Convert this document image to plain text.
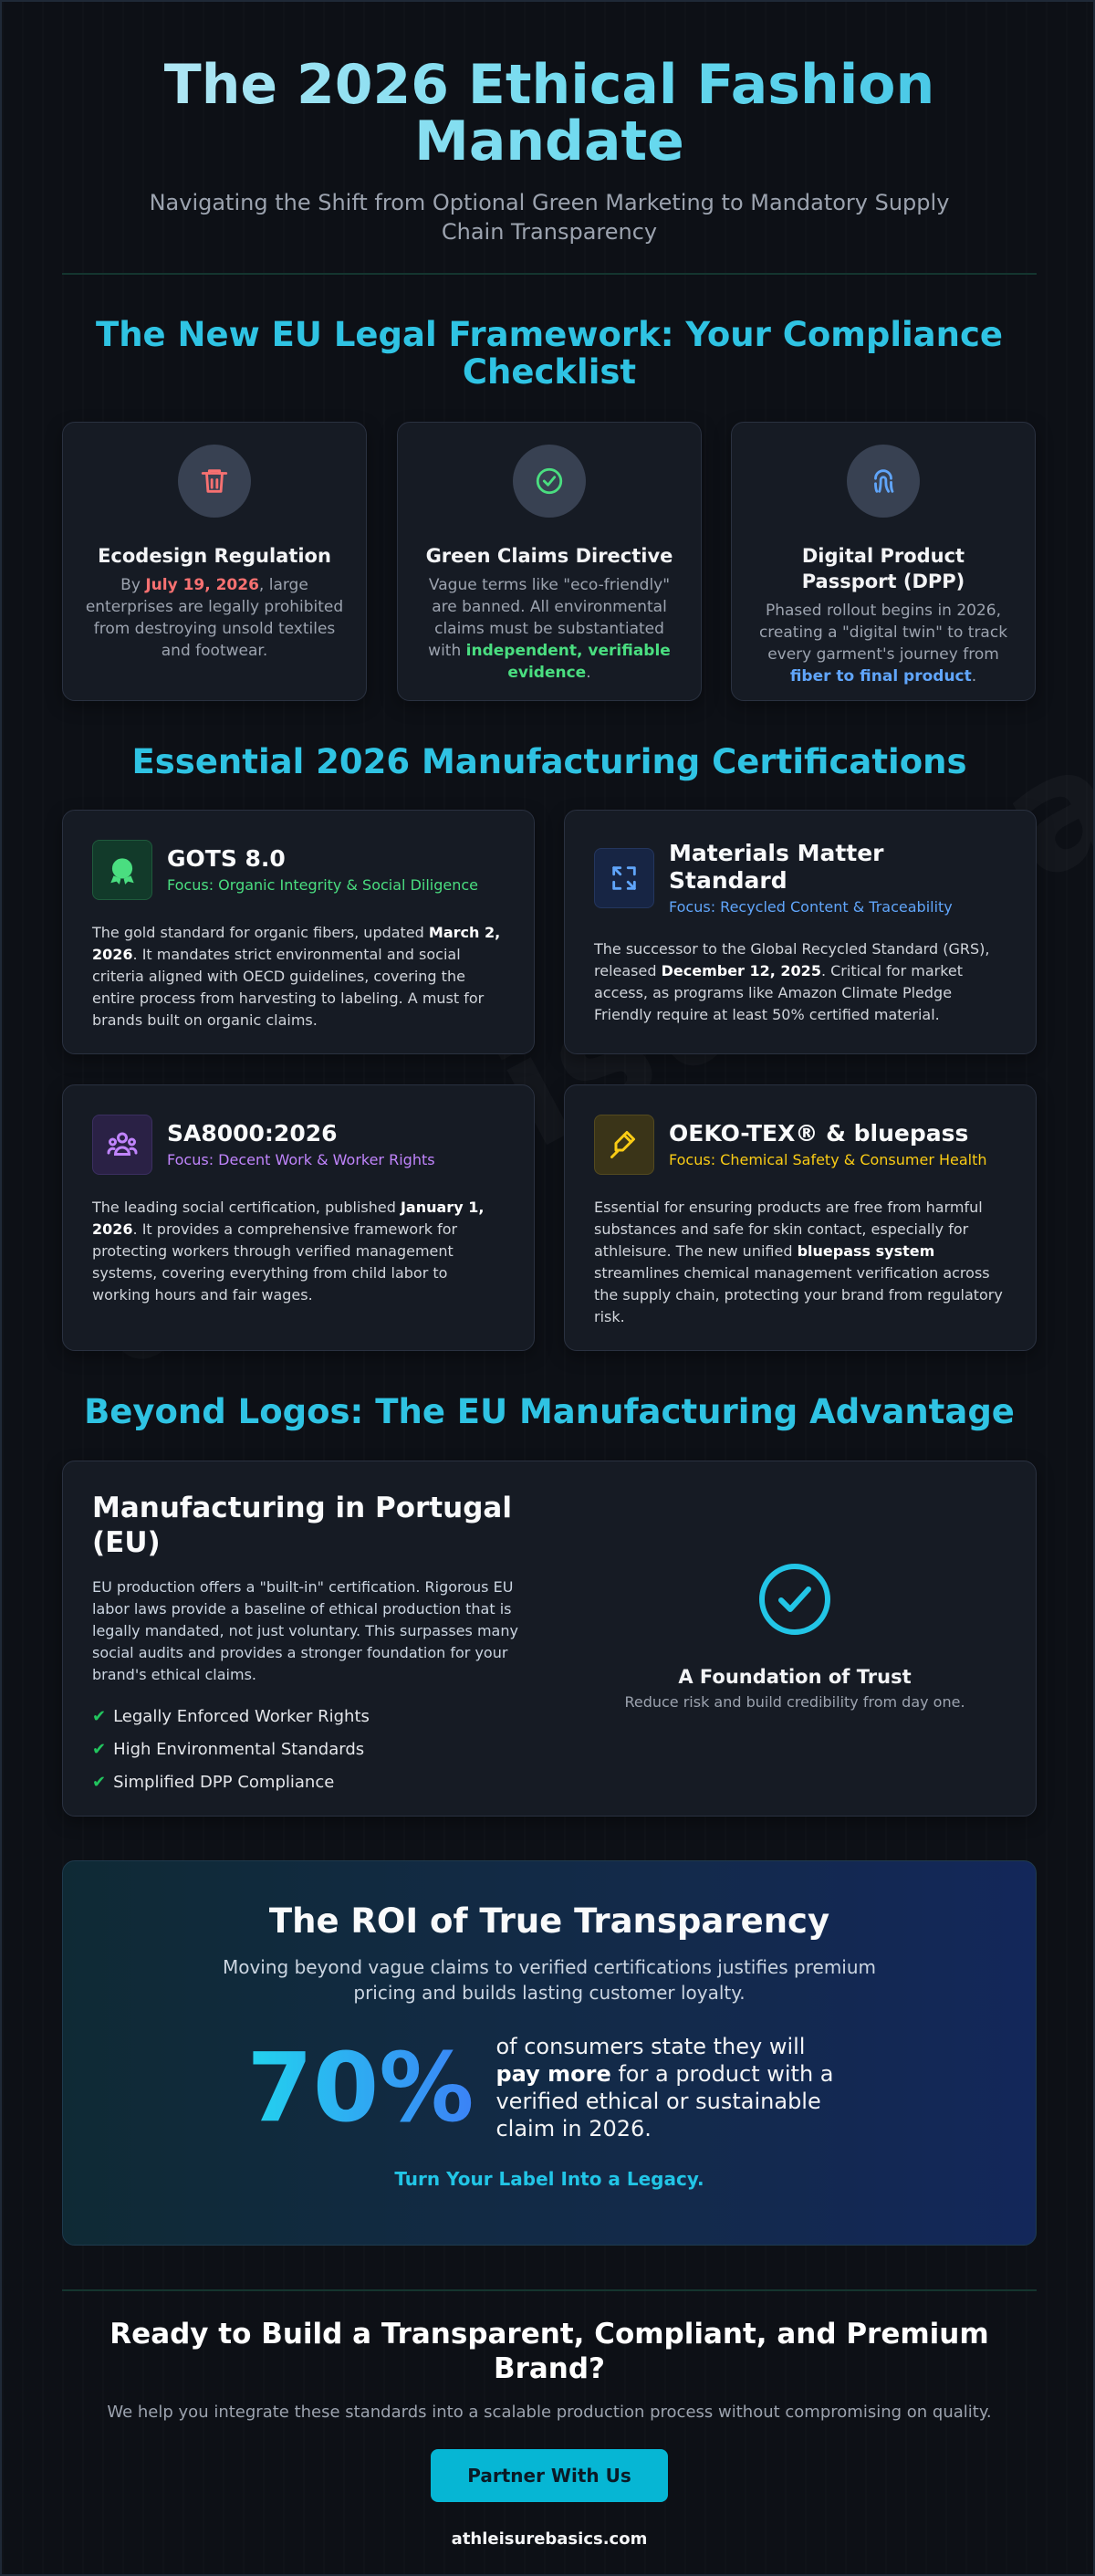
The 2026 Ethical Fashion Mandate

Navigating the Shift from Optional Green Marketing to Mandatory Supply Chain Transparency

The New EU Legal Framework: Your Compliance Checklist
Ecodesign Regulation

By July 19, 2026, large enterprises are legally prohibited from destroying unsold textiles and footwear.

Green Claims Directive

Vague terms like "eco-friendly" are banned. All environmental claims must be substantiated with independent, verifiable evidence.

Digital Product Passport (DPP)

Phased rollout begins in 2026, creating a "digital twin" to track every garment's journey from fiber to final product.

Essential 2026 Manufacturing Certifications
GOTS 8.0
Focus: Organic Integrity & Social Diligence

The gold standard for organic fibers, updated March 2, 2026. It mandates strict environmental and social criteria aligned with OECD guidelines, covering the entire process from harvesting to labeling. A must for brands built on organic claims.

Materials Matter Standard
Focus: Recycled Content & Traceability

The successor to the Global Recycled Standard (GRS), released December 12, 2025. Critical for market access, as programs like Amazon Climate Pledge Friendly require at least 50% certified material.

SA8000:2026
Focus: Decent Work & Worker Rights

The leading social certification, published January 1, 2026. It provides a comprehensive framework for protecting workers through verified management systems, covering everything from child labor to working hours and fair wages.

OEKO-TEX® & bluepass
Focus: Chemical Safety & Consumer Health

Essential for ensuring products are free from harmful substances and safe for skin contact, especially for athleisure. The new unified bluepass system streamlines chemical management verification across the supply chain, protecting your brand from regulatory risk.

Beyond Logos: The EU Manufacturing Advantage
Manufacturing in Portugal (EU)

EU production offers a "built-in" certification. Rigorous EU labor laws provide a baseline of ethical production that is legally mandated, not just voluntary. This surpasses many social audits and provides a stronger foundation for your brand's ethical claims.

✔ Legally Enforced Worker Rights
✔ High Environmental Standards
✔ Simplified DPP Compliance
A Foundation of Trust

Reduce risk and build credibility from day one.

The ROI of True Transparency

Moving beyond vague claims to verified certifications justifies premium pricing and builds lasting customer loyalty.

70% of consumers state they will pay more for a product with a verified ethical or sustainable claim in 2026.
Turn Your Label Into a Legacy.
Ready to Build a Transparent, Compliant, and Premium Brand?

We help you integrate these standards into a scalable production process without compromising on quality.

Partner With Us
athleisurebasics.com
